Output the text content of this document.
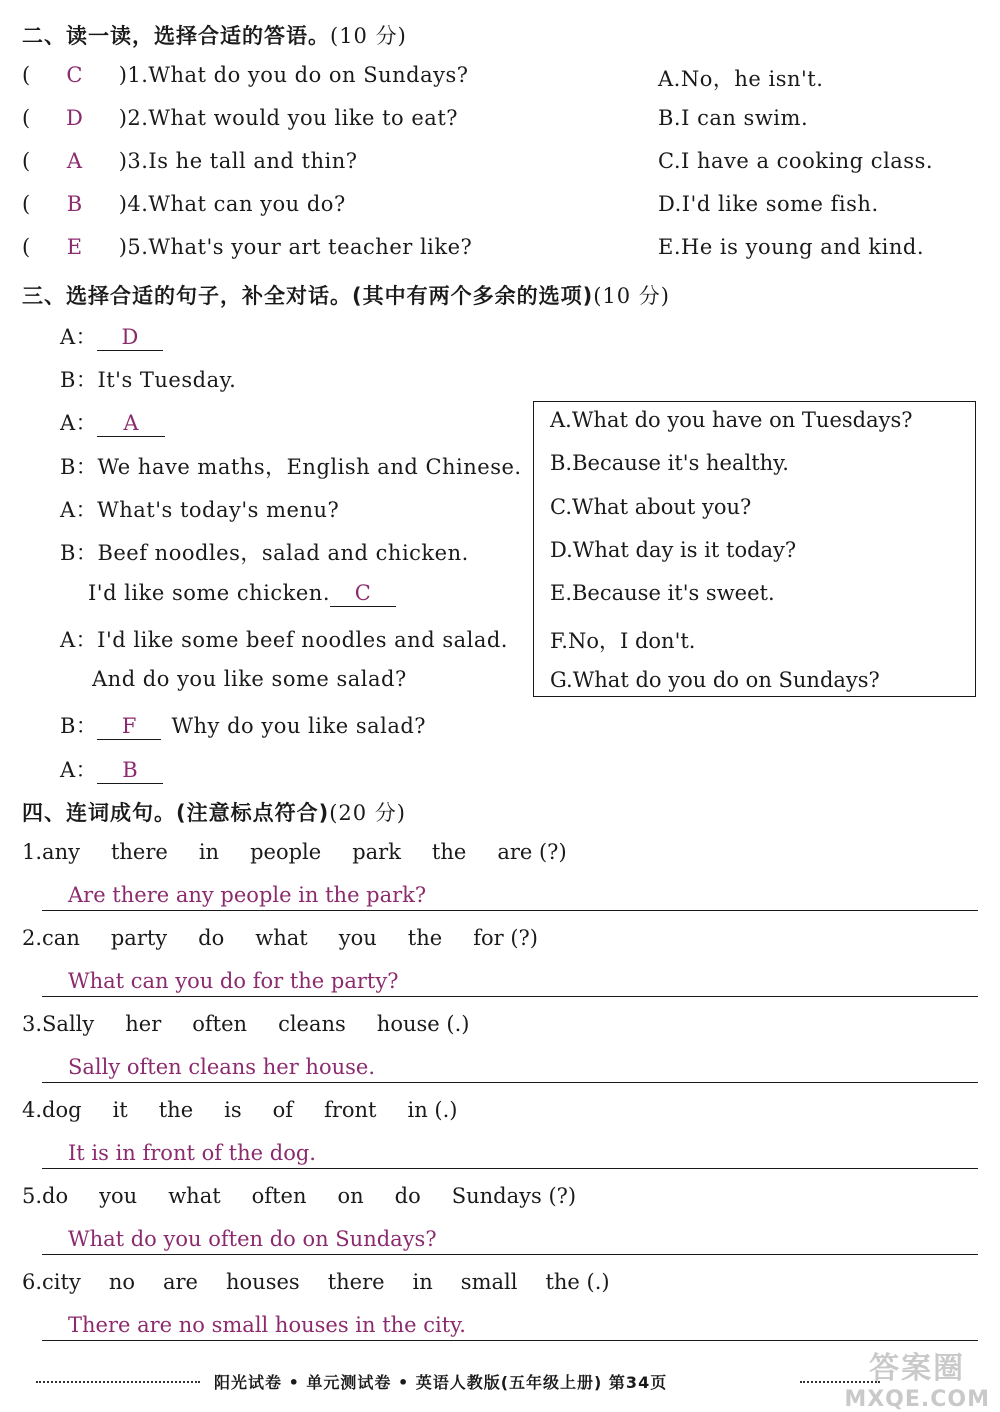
二、读一读，选择合适的答语。(10 分)
( C )1.What do you do on Sundays?	A.No，he isn't.
( D )2.What would you like to eat?	B.I can swim.
( A )3.Is he tall and thin?	C.I have a cooking class.
( B )4.What can you do?	D.I'd like some fish.
( E )5.What's your art teacher like?	E.He is young and kind.
三、选择合适的句子，补全对话。(其中有两个多余的选项)(10 分)
A： D
B：It's Tuesday.
A： A
B：We have maths，English and Chinese.
A：What's today's menu?
B：Beef noodles，salad and chicken.
I'd like some chicken. C
A：I'd like some beef noodles and salad.
And do you like some salad?
B： F Why do you like salad?
A： B
A.What do you have on Tuesdays?
B.Because it's healthy.
C.What about you?
D.What day is it today?
E.Because it's sweet.
F.No，I don't.
G.What do you do on Sundays?
四、连词成句。(注意标点符合)(20 分)
1. any there in people park the are (?)
Are there any people in the park?
2. can party do what you the for (?)
What can you do for the party?
3. Sally her often cleans house (.)
Sally often cleans her house.
4. dog it the is of front in (.)
It is in front of the dog.
5. do you what often on do Sundays (?)
What do you often do on Sundays?
6. city no are houses there in small the (.)
There are no small houses in the city.
阳光试卷 • 单元测试卷 • 英语人教版(五年级上册) 第34页	答案圈
MXQE.COM
